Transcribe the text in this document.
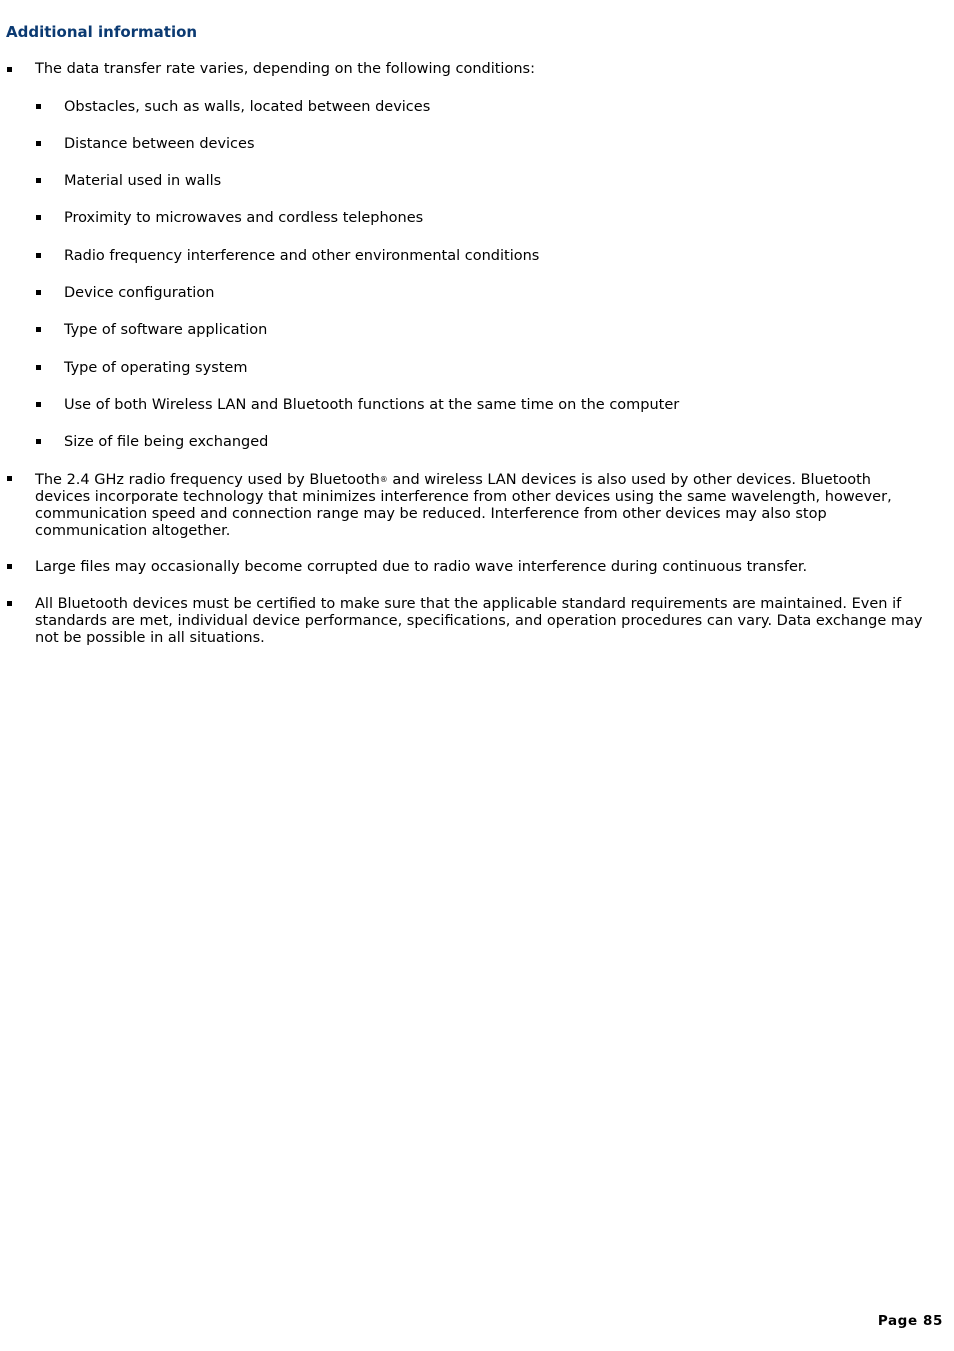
Additional information
The data transfer rate varies, depending on the following conditions:
Obstacles, such as walls, located between devices
Distance between devices
Material used in walls
Proximity to microwaves and cordless telephones
Radio frequency interference and other environmental conditions
Device configuration
Type of software application
Type of operating system
Use of both Wireless LAN and Bluetooth functions at the same time on the computer
Size of file being exchanged
The 2.4 GHz radio frequency used by Bluetooth® and wireless LAN devices is also used by other devices. Bluetooth devices incorporate technology that minimizes interference from other devices using the same wavelength, however, communication speed and connection range may be reduced. Interference from other devices may also stop communication altogether.
Large files may occasionally become corrupted due to radio wave interference during continuous transfer.
All Bluetooth devices must be certified to make sure that the applicable standard requirements are maintained. Even if standards are met, individual device performance, specifications, and operation procedures can vary. Data exchange may not be possible in all situations.
Page 85
